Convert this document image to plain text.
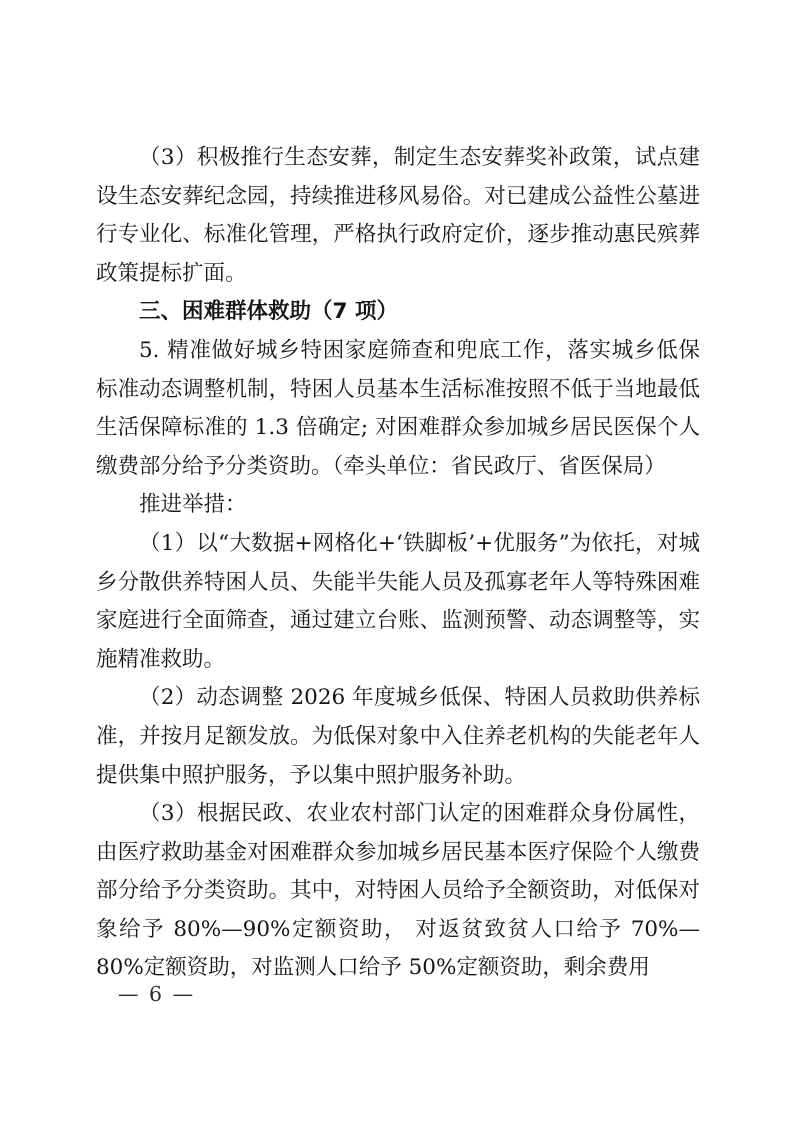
（3）积极推行生态安葬，制定生态安葬奖补政策，试点建设生态安葬纪念园，持续推进移风易俗。对已建成公益性公墓进行专业化、标准化管理，严格执行政府定价，逐步推动惠民殡葬政策提标扩面。

三、困难群体救助（7 项）

5. 精准做好城乡特困家庭筛查和兜底工作，落实城乡低保标准动态调整机制，特困人员基本生活标准按照不低于当地最低生活保障标准的 1.3 倍确定; 对困难群众参加城乡居民医保个人缴费部分给予分类资助。（牵头单位：省民政厅、省医保局）

推进举措：

（1）以“大数据+网格化+‘铁脚板’+优服务”为依托，对城乡分散供养特困人员、失能半失能人员及孤寡老年人等特殊困难家庭进行全面筛查，通过建立台账、监测预警、动态调整等，实施精准救助。

（2）动态调整 2026 年度城乡低保、特困人员救助供养标准，并按月足额发放。为低保对象中入住养老机构的失能老年人提供集中照护服务，予以集中照护服务补助。

（3）根据民政、农业农村部门认定的困难群众身份属性，由医疗救助基金对困难群众参加城乡居民基本医疗保险个人缴费部分给予分类资助。其中，对特困人员给予全额资助，对低保对象给予 80%—90%定额资助， 对返贫致贫人口给予 70%—80%定额资助，对监测人口给予 50%定额资助，剩余费用

— 6 —
